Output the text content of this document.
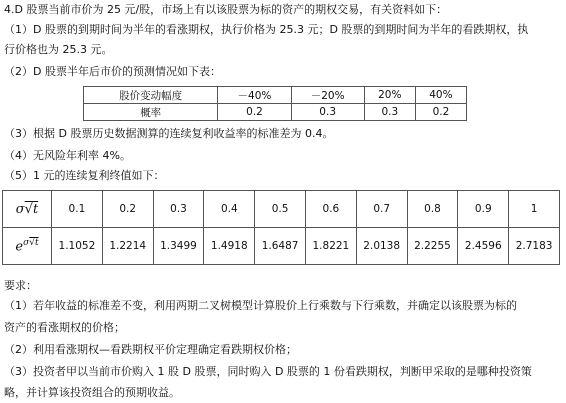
4.D 股票当前市价为 25 元/股，市场上有以该股票为标的资产的期权交易，有关资料如下：
（1）D 股票的到期时间为半年的看涨期权，执行价格为 25.3 元；D 股票的到期时间为半年的看跌期权，执
行价格也为 25.3 元。
（2）D 股票半年后市价的预测情况如下表：
股价变动幅度	－40%	－20%	20%	40%
概率	0.2	0.3	0.3	0.2
（3）根据 D 股票历史数据测算的连续复利收益率的标准差为 0.4。
（4）无风险年利率 4%。
（5）1 元的连续复利终值如下：
σ√t	0.1	0.2	0.3	0.4	0.5	0.6	0.7	0.8	0.9	1
$e^{\sigma√t}$	1.1052	1.2214	1.3499	1.4918	1.6487	1.8221	2.0138	2.2255	2.4596	2.7183
要求：
（1）若年收益的标准差不变，利用两期二叉树模型计算股价上行乘数与下行乘数，并确定以该股票为标的
资产的看涨期权的价格；
（2）利用看涨期权—看跌期权平价定理确定看跌期权价格；
（3）投资者甲以当前市价购入 1 股 D 股票，同时购入 D 股票的 1 份看跌期权，判断甲采取的是哪种投资策
略，并计算该投资组合的预期收益。
